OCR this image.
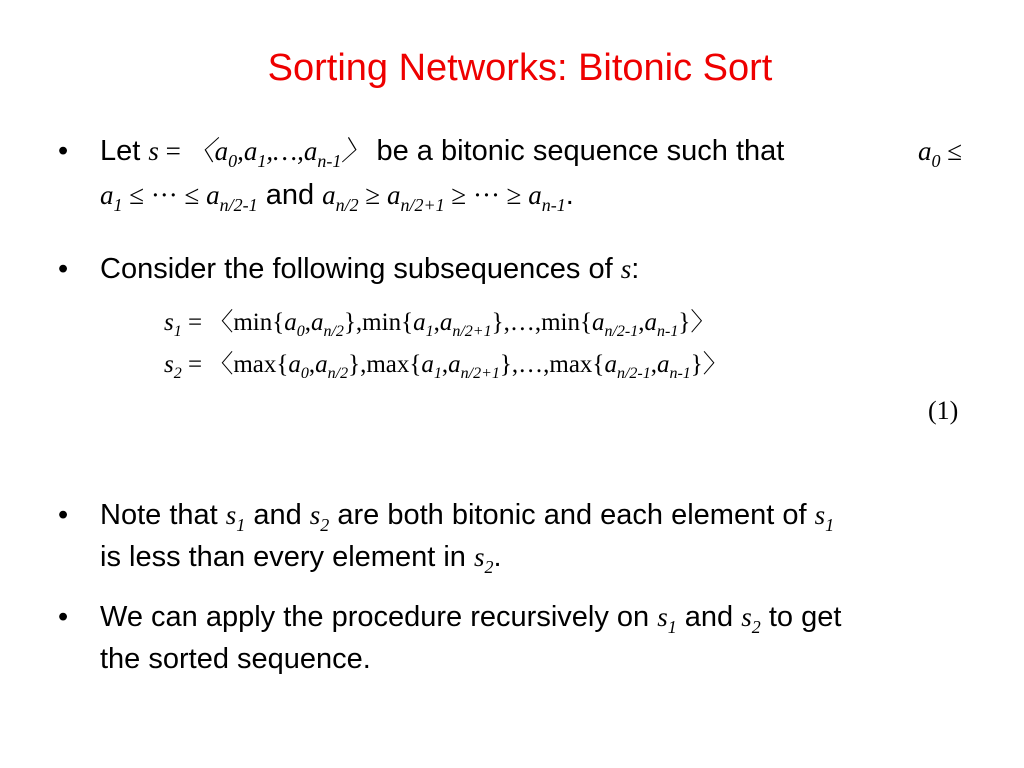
Sorting Networks: Bitonic Sort
• Let s = 〈$a_0,a_1,\dots,a_{n-1}$〉 be a bitonic sequence such that	$a_0$ ≤
$a_1$ ≤ ··· ≤ $a_{n/2-1}$ and $a_{n/2} \ge a_{n/2+1}$ ≥ ··· ≥ $a_{n-1}$.
• Consider the following subsequences of s:
$s_1$ = 〈$\min\{a_0,a_{n/2}\},\min\{a_1,a_{n/2+1}\},\dots,\min\{a_{n/2-1},a_{n-1}\}$〉
$s_2$ = 〈$\max\{a_0,a_{n/2}\},\max\{a_1,a_{n/2+1}\},\dots,\max\{a_{n/2-1},a_{n-1}\}$〉
(1)
• Note that $s_1$ and $s_2$ are both bitonic and each element of $s_1$
is less than every element in $s_2$.
• We can apply the procedure recursively on $s_1$ and $s_2$ to get
the sorted sequence.
